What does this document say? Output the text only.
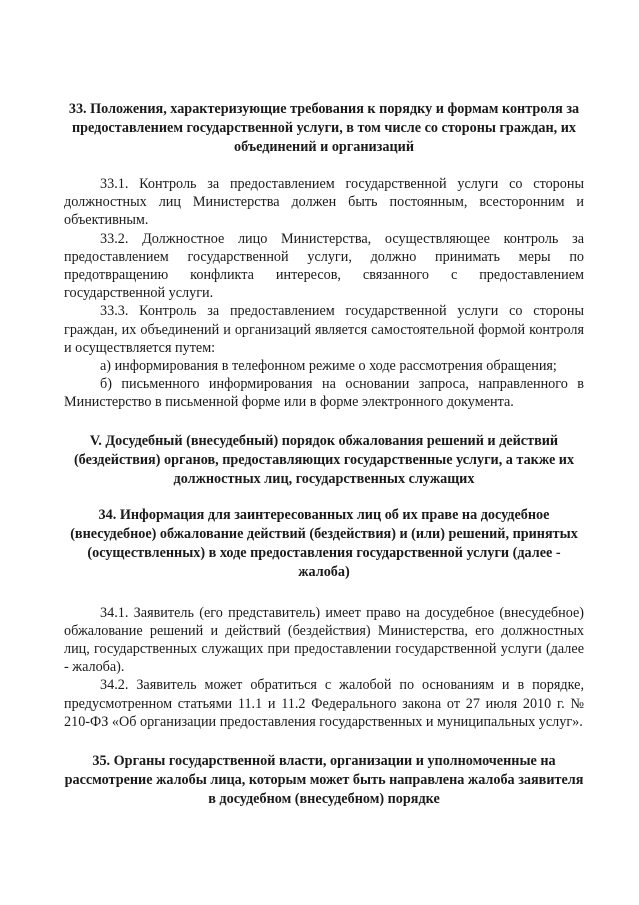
33. Положения, характеризующие требования к порядку и формам контроля за предоставлением государственной услуги, в том числе со стороны граждан, их объединений и организаций

33.1. Контроль за предоставлением государственной услуги со стороны должностных лиц Министерства должен быть постоянным, всесторонним и объективным.

33.2. Должностное лицо Министерства, осуществляющее контроль за предоставлением государственной услуги, должно принимать меры по предотвращению конфликта интересов, связанного с предоставлением государственной услуги.

33.3. Контроль за предоставлением государственной услуги со стороны граждан, их объединений и организаций является самостоятельной формой контроля и осуществляется путем:

а) информирования в телефонном режиме о ходе рассмотрения обращения;

б) письменного информирования на основании запроса, направленного в Министерство в письменной форме или в форме электронного документа.

V. Досудебный (внесудебный) порядок обжалования решений и действий (бездействия) органов, предоставляющих государственные услуги, а также их должностных лиц, государственных служащих
34. Информация для заинтересованных лиц об их праве на досудебное (внесудебное) обжалование действий (бездействия) и (или) решений, принятых (осуществленных) в ходе предоставления государственной услуги (далее - жалоба)

34.1. Заявитель (его представитель) имеет право на досудебное (внесудебное) обжалование решений и действий (бездействия) Министерства, его должностных лиц, государственных служащих при предоставлении государственной услуги (далее - жалоба).

34.2. Заявитель может обратиться с жалобой по основаниям и в порядке, предусмотренном статьями 11.1 и 11.2 Федерального закона от 27 июля 2010 г. № 210-ФЗ «Об организации предоставления государственных и муниципальных услуг».

35. Органы государственной власти, организации и уполномоченные на рассмотрение жалобы лица, которым может быть направлена жалоба заявителя в досудебном (внесудебном) порядке
